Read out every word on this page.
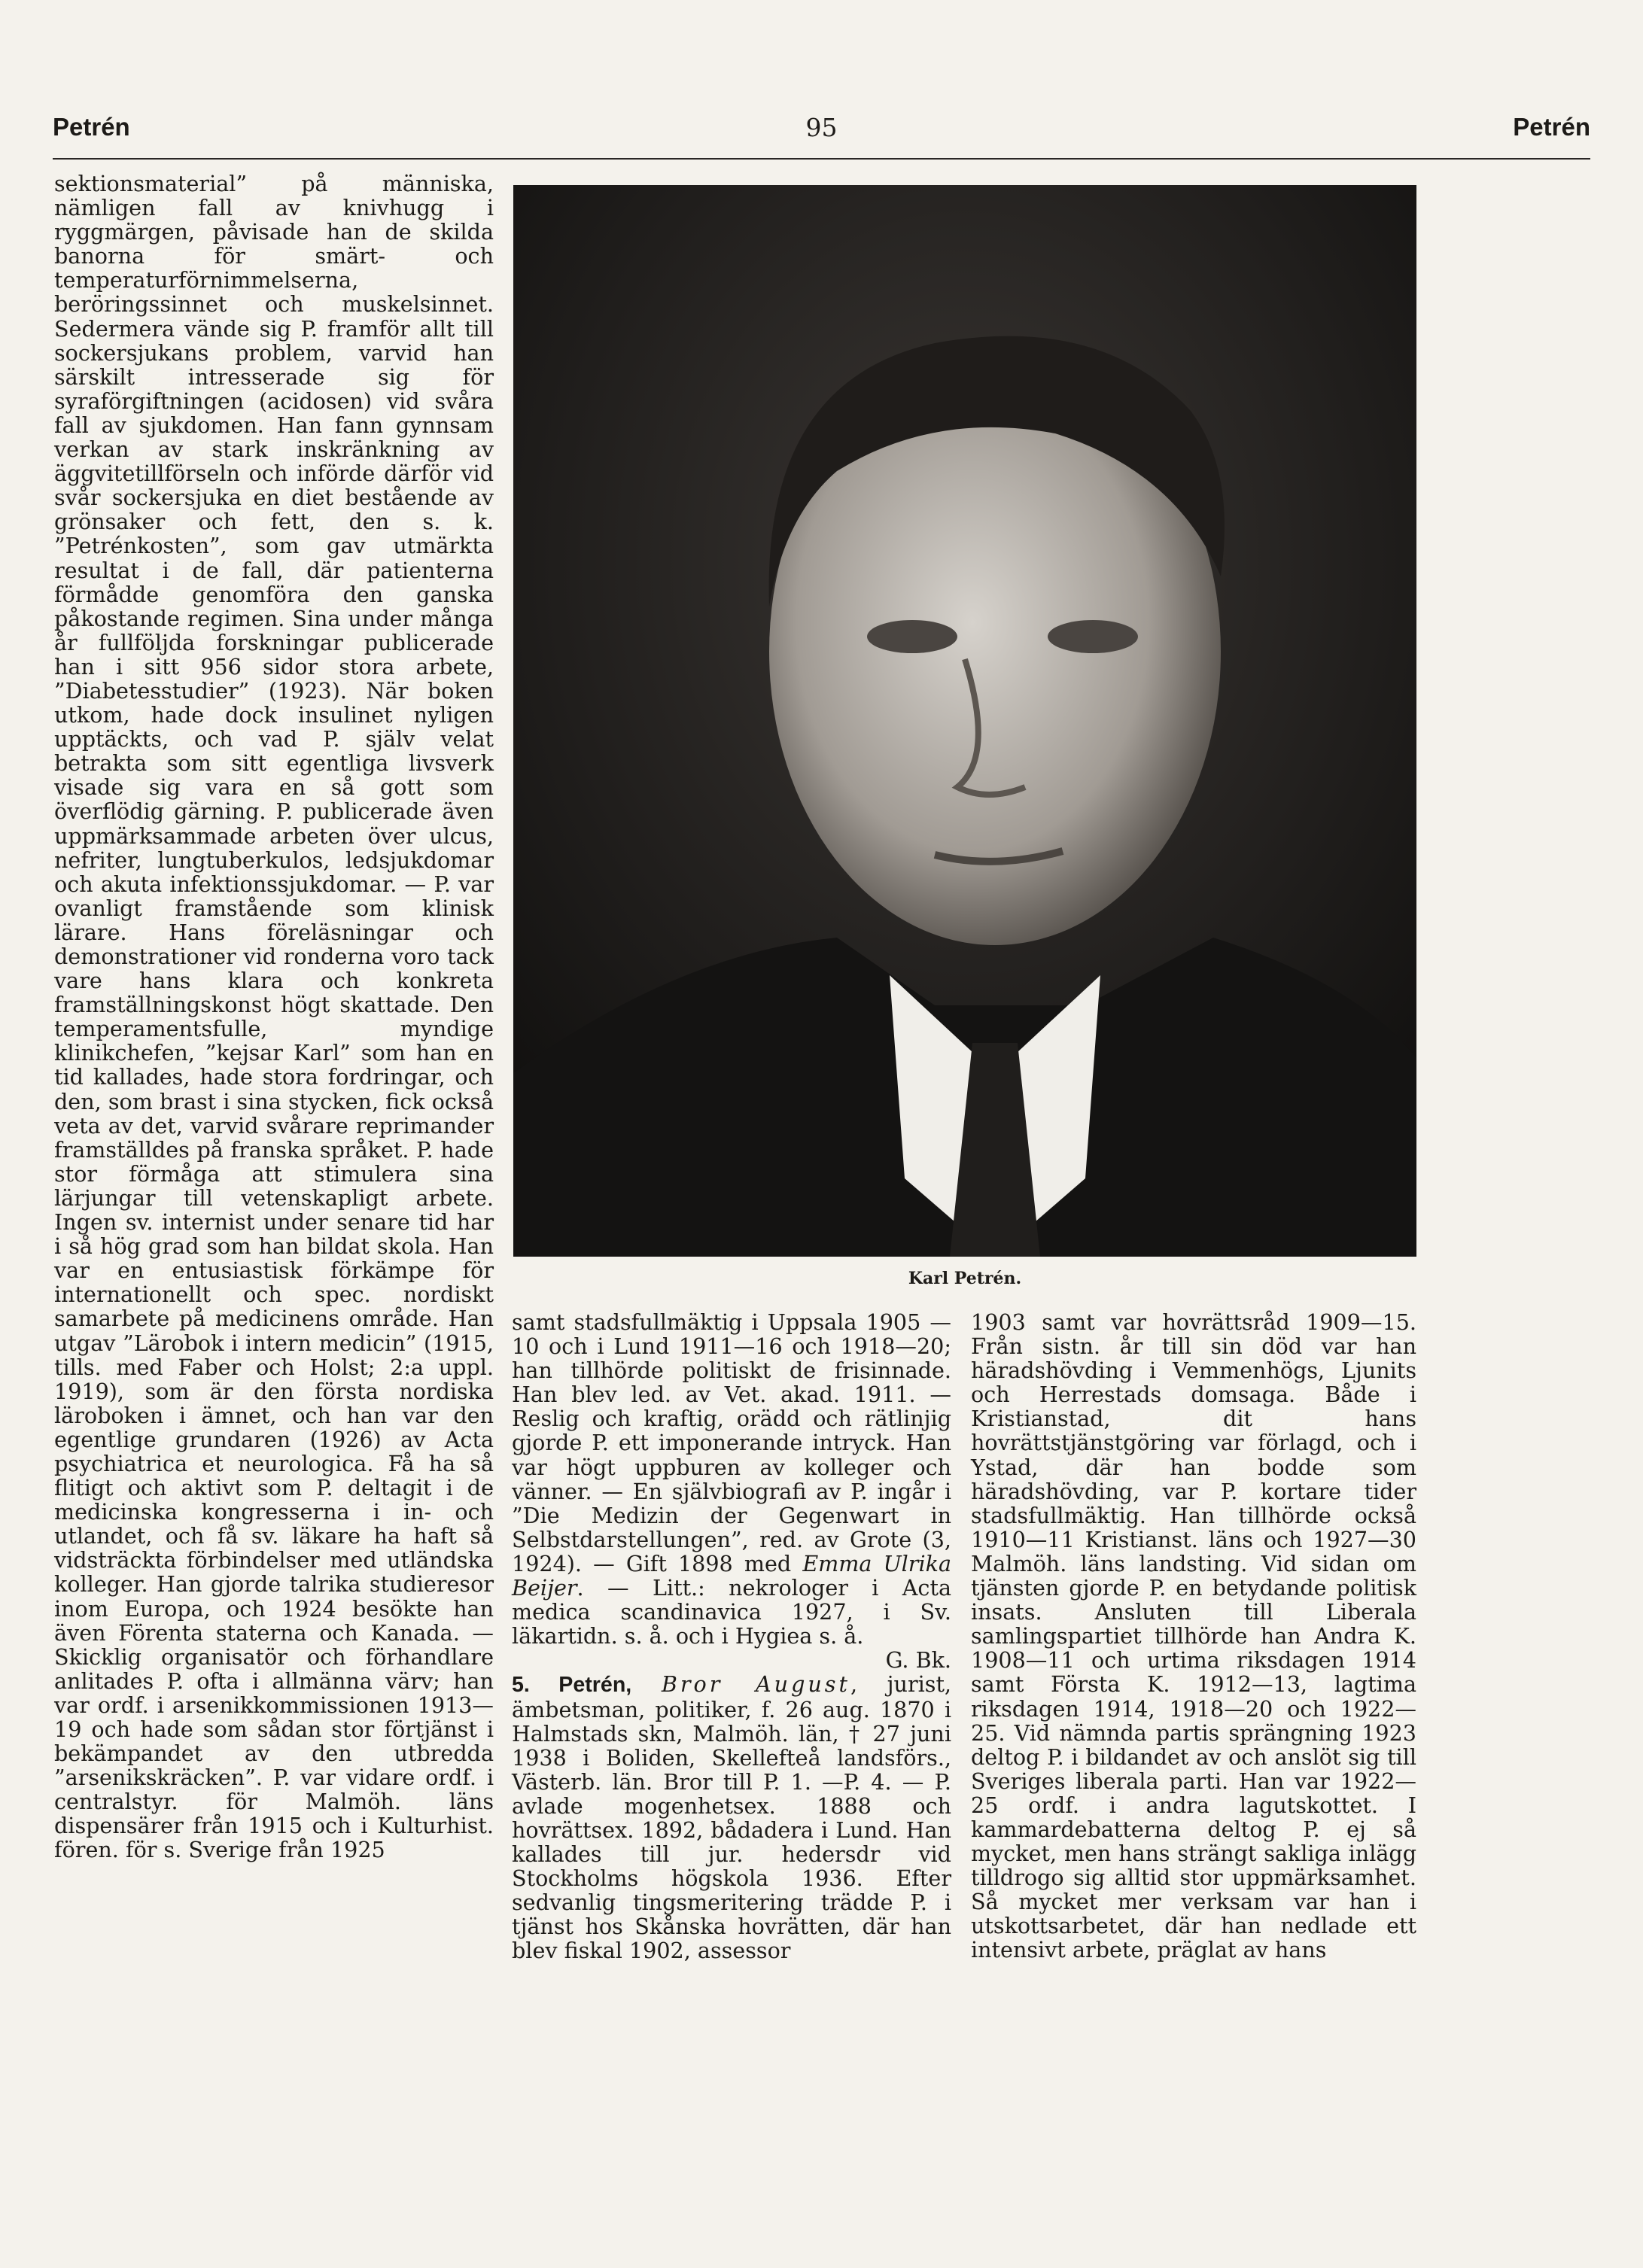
Petrén	95	Petrén

sektionsmaterial” på människa, nämligen fall av knivhugg i ryggmärgen, påvisade han de skilda banorna för smärt- och temperaturförnimmelserna, beröringssinnet och muskelsinnet. Sedermera vände sig P. framför allt till sockersjukans problem, varvid han särskilt intresserade sig för syraförgiftningen (acidosen) vid svåra fall av sjukdomen. Han fann gynnsam verkan av stark inskränkning av äggvitetillförseln och införde därför vid svår sockersjuka en diet bestående av grönsaker och fett, den s. k. ”Petrénkosten”, som gav utmärkta resultat i de fall, där patienterna förmådde genomföra den ganska påkostande regimen. Sina under många år fullföljda forskningar publicerade han i sitt 956 sidor stora arbete, ”Diabetesstudier” (1923). När boken utkom, hade dock insulinet nyligen upptäckts, och vad P. själv velat betrakta som sitt egentliga livsverk visade sig vara en så gott som överflödig gärning. P. publicerade även uppmärksammade arbeten över ulcus, nefriter, lungtuberkulos, ledsjukdomar och akuta infektionssjukdomar. — P. var ovanligt framstående som klinisk lärare. Hans föreläsningar och demonstrationer vid ronderna voro tack vare hans klara och konkreta framställningskonst högt skattade. Den temperamentsfulle, myndige klinikchefen, ”kejsar Karl” som han en tid kallades, hade stora fordringar, och den, som brast i sina stycken, fick också veta av det, varvid svårare reprimander framställdes på franska språket. P. hade stor förmåga att stimulera sina lärjungar till vetenskapligt arbete. Ingen sv. internist under senare tid har i så hög grad som han bildat skola. Han var en entusiastisk förkämpe för internationellt och spec. nordiskt samarbete på medicinens område. Han utgav ”Lärobok i intern medicin” (1915, tills. med Faber och Holst; 2:a uppl. 1919), som är den första nordiska läroboken i ämnet, och han var den egentlige grundaren (1926) av Acta psychiatrica et neurologica. Få ha så flitigt och aktivt som P. deltagit i de medicinska kongresserna i in- och utlandet, och få sv. läkare ha haft så vidsträckta förbindelser med utländska kolleger. Han gjorde talrika studieresor inom Europa, och 1924 besökte han även Förenta staterna och Kanada. — Skicklig organisatör och förhandlare anlitades P. ofta i allmänna värv; han var ordf. i arsenikkommissionen 1913—19 och hade som sådan stor förtjänst i bekämpandet av den utbredda ”arsenikskräcken”. P. var vidare ordf. i centralstyr. för Malmöh. läns dispensärer från 1915 och i Kulturhist. fören. för s. Sverige från 1925

Karl Petrén.

samt stadsfullmäktig i Uppsala 1905 —10 och i Lund 1911—16 och 1918—20; han tillhörde politiskt de frisinnade. Han blev led. av Vet. akad. 1911. — Reslig och kraftig, orädd och rätlinjig gjorde P. ett imponerande intryck. Han var högt uppburen av kolleger och vänner. — En självbiografi av P. ingår i ”Die Medizin der Gegenwart in Selbstdarstellungen”, red. av Grote (3, 1924). — Gift 1898 med Emma Ulrika Beijer. — Litt.: nekrologer i Acta medica scandinavica 1927, i Sv. läkartidn. s. å. och i Hygiea s. å.

G. Bk.

5. Petrén, Bror August, jurist, ämbetsman, politiker, f. 26 aug. 1870 i Halmstads skn, Malmöh. län, † 27 juni 1938 i Boliden, Skellefteå landsförs., Västerb. län. Bror till P. 1. —P. 4. — P. avlade mogenhetsex. 1888 och hovrättsex. 1892, bådadera i Lund. Han kallades till jur. hedersdr vid Stockholms högskola 1936. Efter sedvanlig tingsmeritering trädde P. i tjänst hos Skånska hovrätten, där han blev fiskal 1902, assessor

1903 samt var hovrättsråd 1909—15. Från sistn. år till sin död var han häradshövding i Vemmenhögs, Ljunits och Herrestads domsaga. Både i Kristianstad, dit hans hovrättstjänstgöring var förlagd, och i Ystad, där han bodde som häradshövding, var P. kortare tider stadsfullmäktig. Han tillhörde också 1910—11 Kristianst. läns och 1927—30 Malmöh. läns landsting. Vid sidan om tjänsten gjorde P. en betydande politisk insats. Ansluten till Liberala samlingspartiet tillhörde han Andra K. 1908—11 och urtima riksdagen 1914 samt Första K. 1912—13, lagtima riksdagen 1914, 1918—20 och 1922—25. Vid nämnda partis sprängning 1923 deltog P. i bildandet av och anslöt sig till Sveriges liberala parti. Han var 1922—25 ordf. i andra lagutskottet. I kammardebatterna deltog P. ej så mycket, men hans strängt sakliga inlägg tilldrogo sig alltid stor uppmärksamhet. Så mycket mer verksam var han i utskottsarbetet, där han nedlade ett intensivt arbete, präglat av hans
